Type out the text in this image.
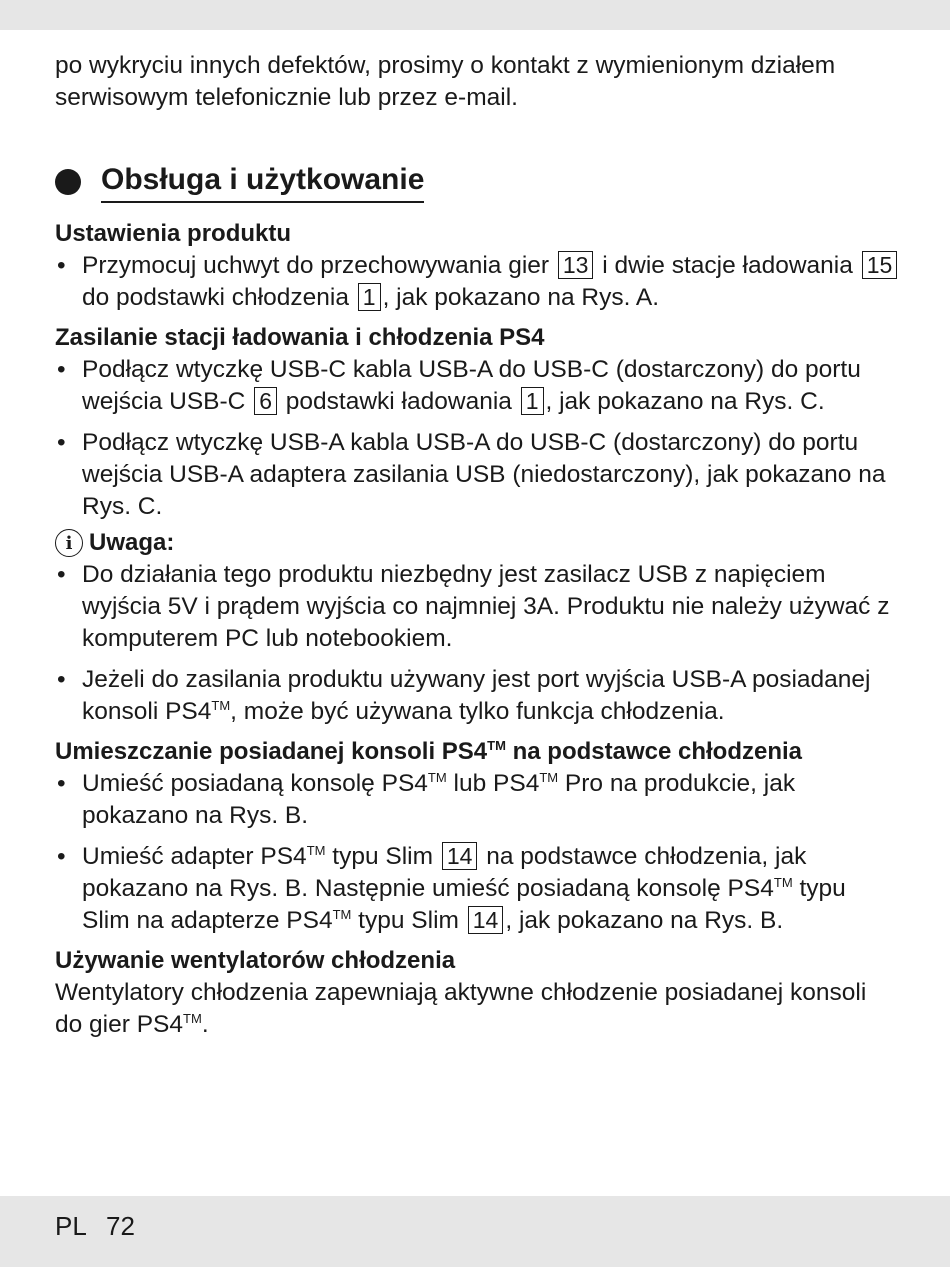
po wykryciu innych defektów, prosimy o kontakt z wymienionym działem serwisowym telefonicznie lub przez e-mail.

Obsługa i użytkowanie
Ustawienia produktu
• Przymocuj uchwyt do przechowywania gier 13 i dwie stacje ładowania 15 do podstawki chłodzenia 1 , jak pokazano na Rys. A.
Zasilanie stacji ładowania i chłodzenia PS4
• Podłącz wtyczkę USB-C kabla USB-A do USB-C (dostarczony) do portu wejścia USB-C 6 podstawki ładowania 1 , jak pokazano na Rys. C.
• Podłącz wtyczkę USB-A kabla USB-A do USB-C (dostarczony) do portu wejścia USB-A adaptera zasilania USB (niedostarczony), jak pokazano na Rys. C.
i Uwaga:
• Do działania tego produktu niezbędny jest zasilacz USB z napięciem wyjścia 5V i prądem wyjścia co najmniej 3A. Produktu nie należy używać z komputerem PC lub notebookiem.
• Jeżeli do zasilania produktu używany jest port wyjścia USB-A posiadanej konsoli PS4™, może być używana tylko funkcja chłodzenia.
Umieszczanie posiadanej konsoli PS4™ na podstawce chłodzenia
• Umieść posiadaną konsolę PS4™ lub PS4™ Pro na produkcie, jak pokazano na Rys. B.
• Umieść adapter PS4™ typu Slim 14 na podstawce chłodzenia, jak pokazano na Rys. B. Następnie umieść posiadaną konsolę PS4™ typu Slim na adapterze PS4™ typu Slim 14 , jak pokazano na Rys. B.
Używanie wentylatorów chłodzenia

Wentylatory chłodzenia zapewniają aktywne chłodzenie posiadanej konsoli do gier PS4™.

PL 72
